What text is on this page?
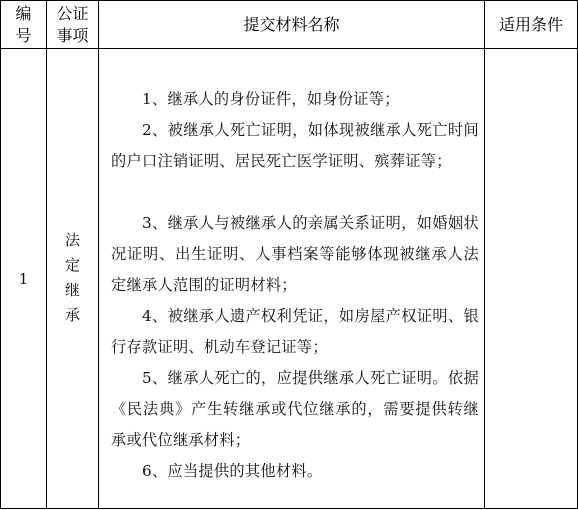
编
号
公证
事项
提交材料名称	适用条件
1
法
定
继
承

1、继承人的身份证件，如身份证等；

2、被继承人死亡证明，如体现被继承人死亡时间的户口注销证明、居民死亡医学证明、殡葬证等；

3、继承人与被继承人的亲属关系证明，如婚姻状况证明、出生证明、人事档案等能够体现被继承人法定继承人范围的证明材料；

4、被继承人遗产权利凭证，如房屋产权证明、银行存款证明、机动车登记证等；

5、继承人死亡的，应提供继承人死亡证明。依据《民法典》产生转继承或代位继承的，需要提供转继承或代位继承材料；

6、应当提供的其他材料。
